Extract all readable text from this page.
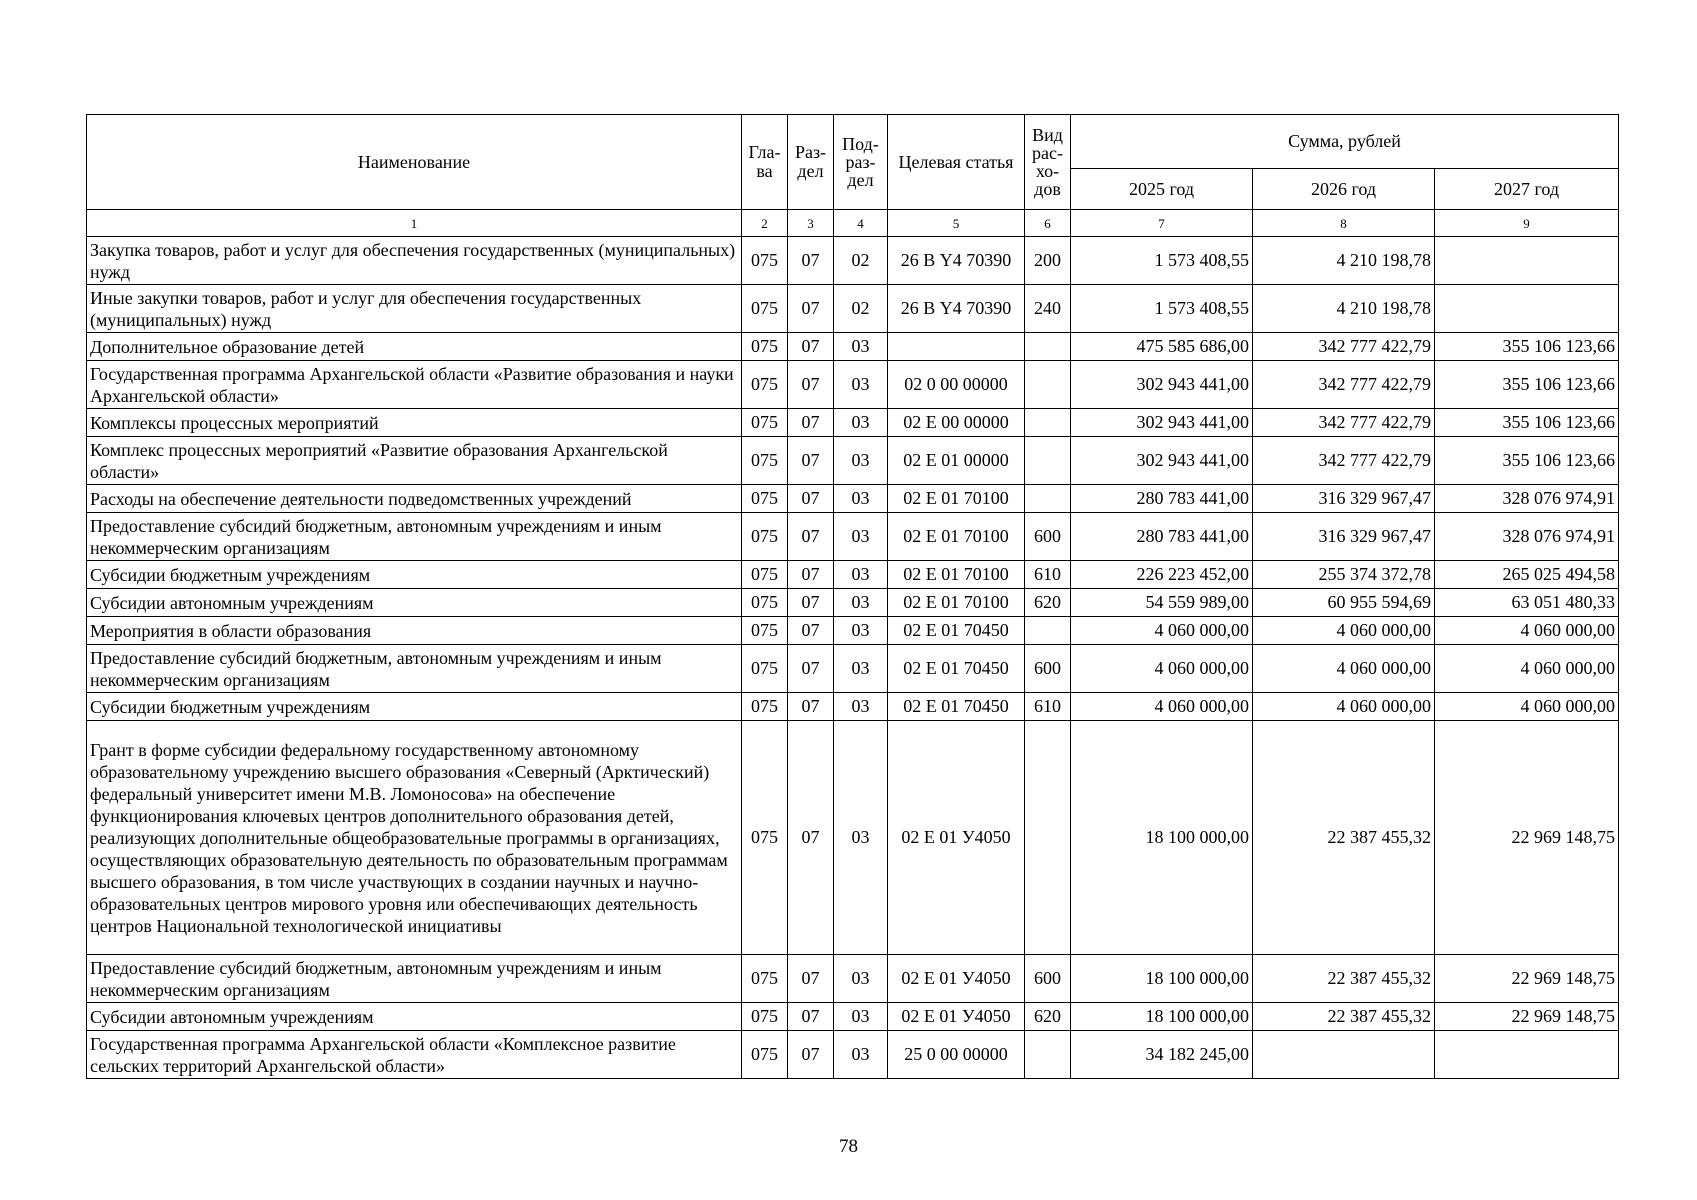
Наименование	Гла-ва	Раз-дел	Под-раз-дел	Целевая статья	Вид рас-хо-дов	Сумма, рублей		
						2025 год	2026 год	2027 год
1	2	3	4	5	6	7	8	9
Закупка товаров, работ и услуг для обеспечения государственных (муниципальных) нужд	075	07	02	26 В Y4 70390	200	1 573 408,55	4 210 198,78	
Иные закупки товаров, работ и услуг для обеспечения государственных (муниципальных) нужд	075	07	02	26 В Y4 70390	240	1 573 408,55	4 210 198,78	
Дополнительное образование детей	075	07	03			475 585 686,00	342 777 422,79	355 106 123,66
Государственная программа Архангельской области «Развитие образования и науки Архангельской области»	075	07	03	02 0 00 00000		302 943 441,00	342 777 422,79	355 106 123,66
Комплексы процессных мероприятий	075	07	03	02 Е 00 00000		302 943 441,00	342 777 422,79	355 106 123,66
Комплекс процессных мероприятий «Развитие образования Архангельской области»	075	07	03	02 Е 01 00000		302 943 441,00	342 777 422,79	355 106 123,66
Расходы на обеспечение деятельности подведомственных учреждений	075	07	03	02 Е 01 70100		280 783 441,00	316 329 967,47	328 076 974,91
Предоставление субсидий бюджетным, автономным учреждениям и иным некоммерческим организациям	075	07	03	02 Е 01 70100	600	280 783 441,00	316 329 967,47	328 076 974,91
Субсидии бюджетным учреждениям	075	07	03	02 Е 01 70100	610	226 223 452,00	255 374 372,78	265 025 494,58
Субсидии автономным учреждениям	075	07	03	02 Е 01 70100	620	54 559 989,00	60 955 594,69	63 051 480,33
Мероприятия в области образования	075	07	03	02 Е 01 70450		4 060 000,00	4 060 000,00	4 060 000,00
Предоставление субсидий бюджетным, автономным учреждениям и иным некоммерческим организациям	075	07	03	02 Е 01 70450	600	4 060 000,00	4 060 000,00	4 060 000,00
Субсидии бюджетным учреждениям	075	07	03	02 Е 01 70450	610	4 060 000,00	4 060 000,00	4 060 000,00
Грант в форме субсидии федеральному государственному автономному образовательному учреждению высшего образования «Северный (Арктический) федеральный университет имени М.В. Ломоносова» на обеспечение функционирования ключевых центров дополнительного образования детей, реализующих дополнительные общеобразовательные программы в организациях, осуществляющих образовательную деятельность по образовательным программам высшего образования, в том числе участвующих в создании научных и научно-образовательных центров мирового уровня или обеспечивающих деятельность центров Национальной технологической инициативы	075	07	03	02 Е 01 У4050		18 100 000,00	22 387 455,32	22 969 148,75
Предоставление субсидий бюджетным, автономным учреждениям и иным некоммерческим организациям	075	07	03	02 Е 01 У4050	600	18 100 000,00	22 387 455,32	22 969 148,75
Субсидии автономным учреждениям	075	07	03	02 Е 01 У4050	620	18 100 000,00	22 387 455,32	22 969 148,75
Государственная программа Архангельской области «Комплексное развитие сельских территорий Архангельской области»	075	07	03	25 0 00 00000		34 182 245,00		
78
